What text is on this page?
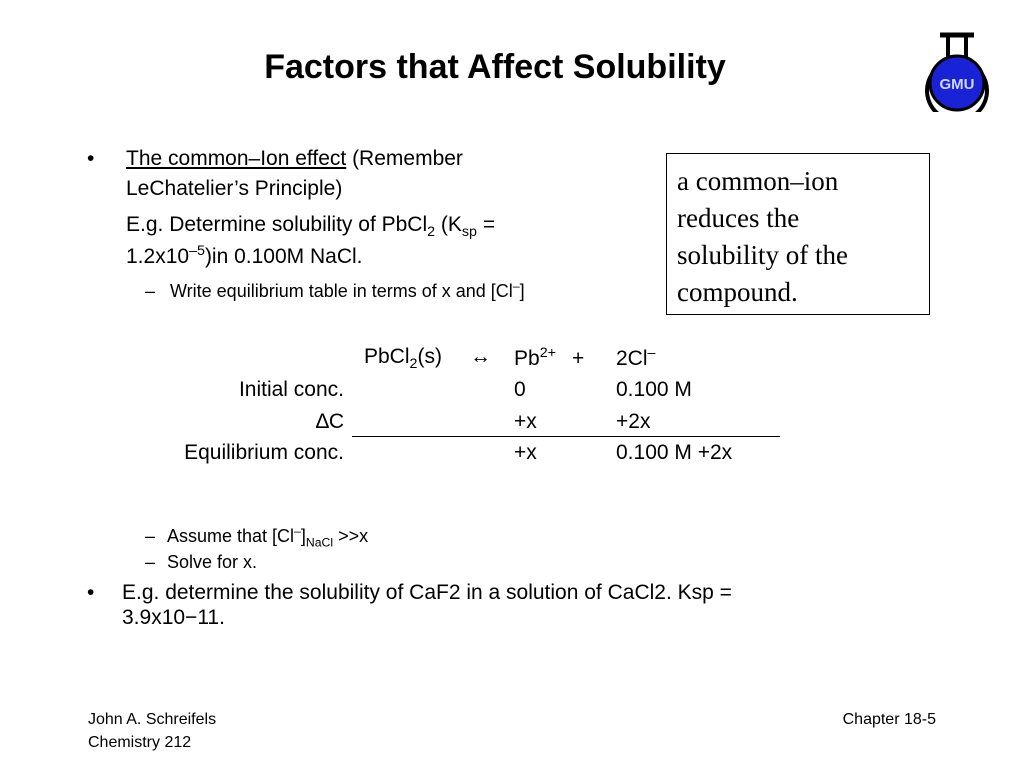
Factors that Affect Solubility	GMU
• The common–Ion effect (Remember
LeChatelier’s Principle)
E.g. Determine solubility of PbCl$_2$ ($K_{sp}$ =
$1.2x10^{-5})in$ 0.100M NaCl.
– Write equilibrium table in terms of x and [Cl–]
a common–ion
reduces the
solubility of the
compound.
PbCl$_2$(s) ↔ $Pb^{2+} + 2Cl^-$
Initial conc.	0	0.100 M
∆C	+x	+2x
Equilibrium conc.	+x	0.100 M +2x
– Assume that $[Cl^-]_{NaCl} >>x$
– Solve for x.
• E.g. determine the solubility of CaF2 in a solution of CaCl2. Ksp =
3.9x10−11.
John A. Schreifels
Chemistry 212
Chapter 18-5
